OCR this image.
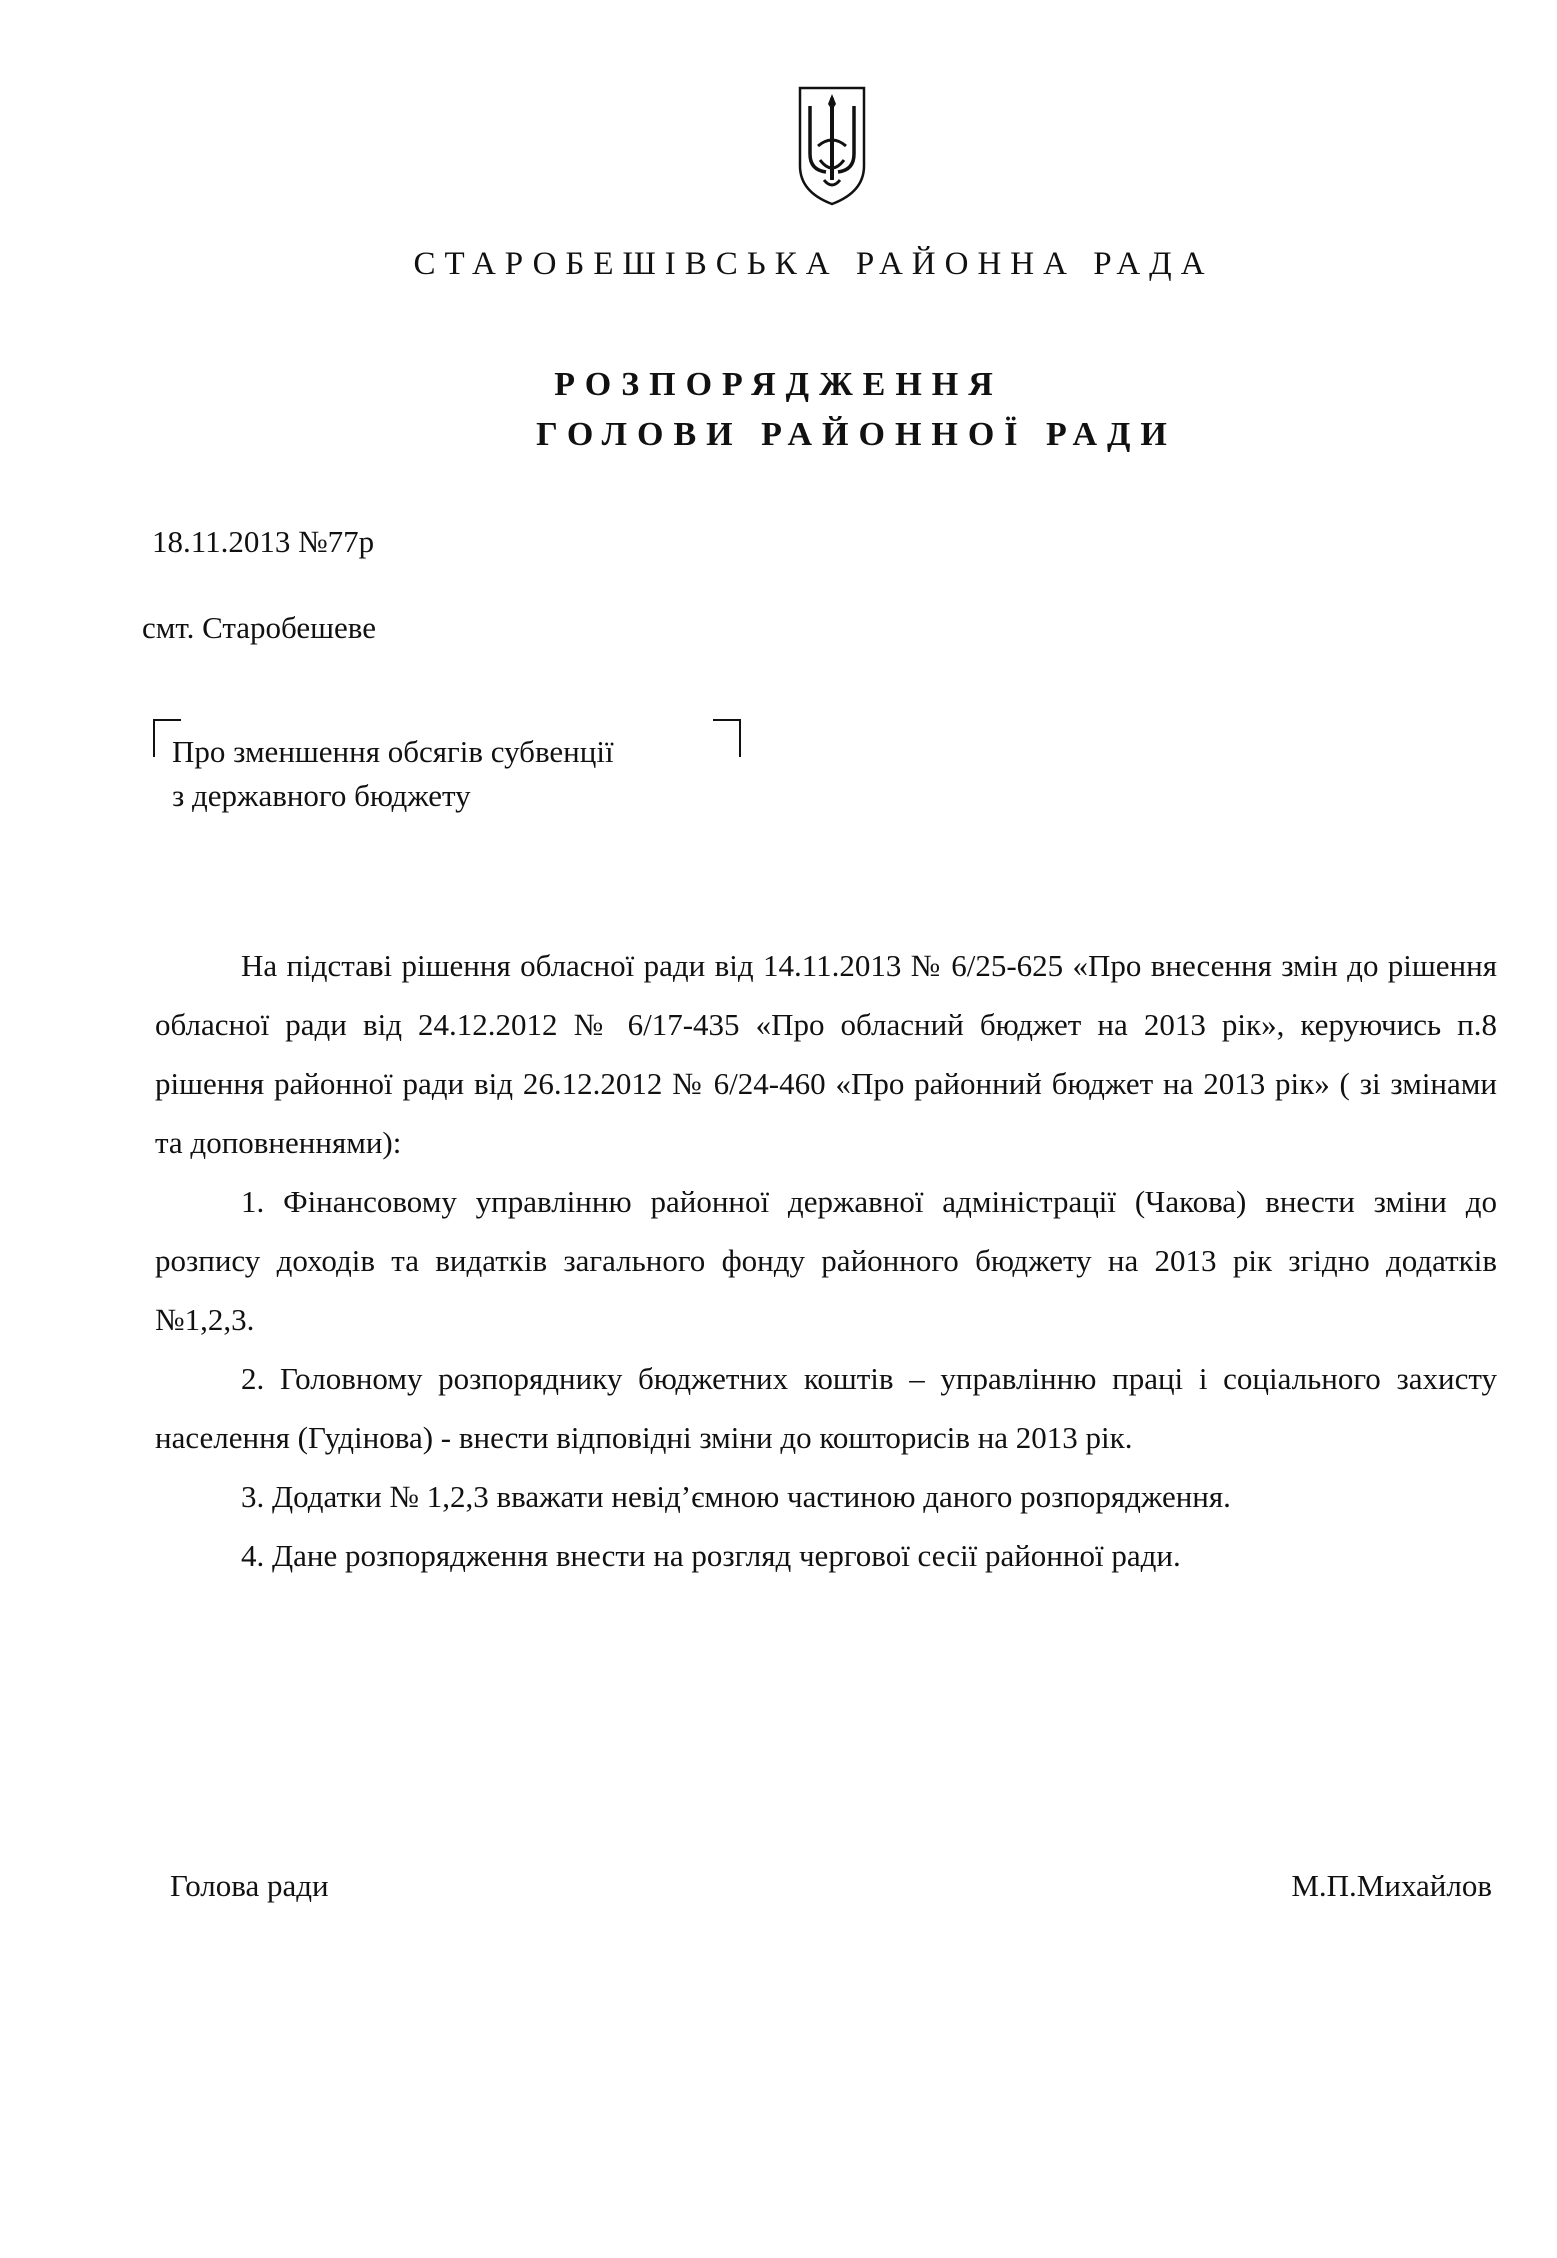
СТАРОБЕШІВСЬКА РАЙОННА РАДА
РОЗПОРЯДЖЕННЯ
ГОЛОВИ РАЙОННОЇ РАДИ
18.11.2013 №77р
смт. Старобешеве
Про зменшення обсягів субвенції
з державного бюджету

На підставі рішення обласної ради від 14.11.2013 № 6/25-625 «Про внесення змін до рішення обласної ради від 24.12.2012 № 6/17-435 «Про обласний бюджет на 2013 рік», керуючись п.8 рішення районної ради від 26.12.2012 № 6/24-460 «Про районний бюджет на 2013 рік» ( зі змінами та доповненнями):

1. Фінансовому управлінню районної державної адміністрації (Чакова) внести зміни до розпису доходів та видатків загального фонду районного бюджету на 2013 рік згідно додатків №1,2,3.

2. Головному розпоряднику бюджетних коштів – управлінню праці і соціального захисту населення (Гудінова) - внести відповідні зміни до кошторисів на 2013 рік.

3. Додатки № 1,2,3 вважати невід’ємною частиною даного розпорядження.

4. Дане розпорядження внести на розгляд чергової сесії районної ради.

Голова ради	М.П.Михайлов
